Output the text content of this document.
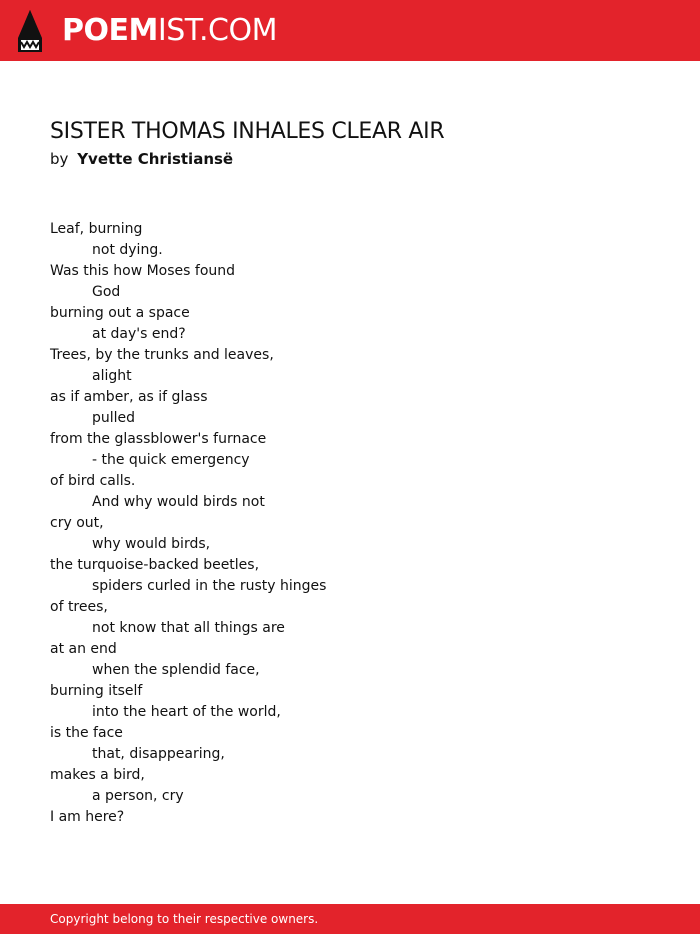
POEMIST.COM
SISTER THOMAS INHALES CLEAR AIR
by Yvette Christiansë
Leaf, burning
not dying.
Was this how Moses found
God
burning out a space
at day's end?
Trees, by the trunks and leaves,
alight
as if amber, as if glass
pulled
from the glassblower's furnace
- the quick emergency
of bird calls.
And why would birds not
cry out,
why would birds,
the turquoise-backed beetles,
spiders curled in the rusty hinges
of trees,
not know that all things are
at an end
when the splendid face,
burning itself
into the heart of the world,
is the face
that, disappearing,
makes a bird,
a person, cry
I am here?
Copyright belong to their respective owners.
